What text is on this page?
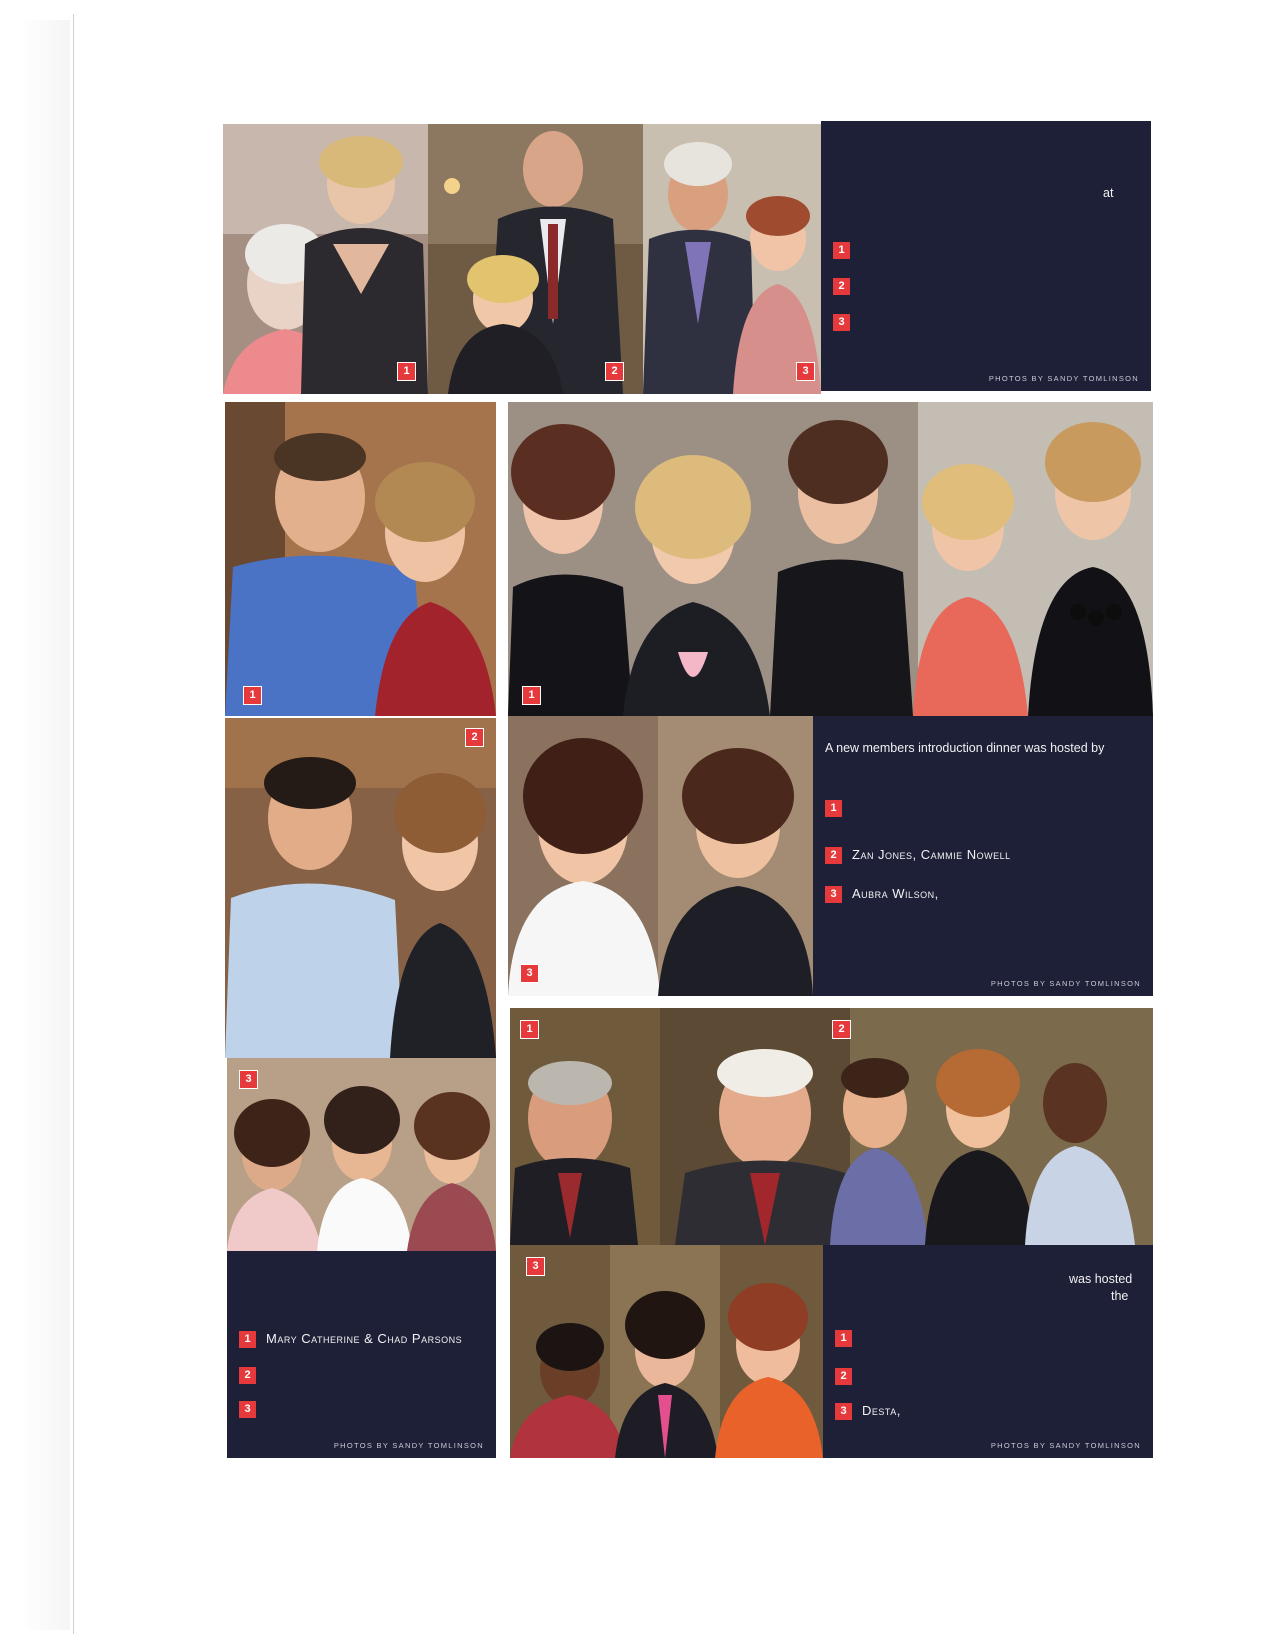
1	2	3
at
1
2
3
PHOTOS BY SANDY TOMLINSON
1	1
2
3
A new members introduction dinner was hosted by
1
2	Zan Jones, Cammie Nowell
3	Aubra Wilson,
PHOTOS BY SANDY TOMLINSON
3
1	Mary Catherine & Chad Parsons
2
3
PHOTOS BY SANDY TOMLINSON
1	2
3
was hosted
the
1
2
3	Desta,
PHOTOS BY SANDY TOMLINSON
